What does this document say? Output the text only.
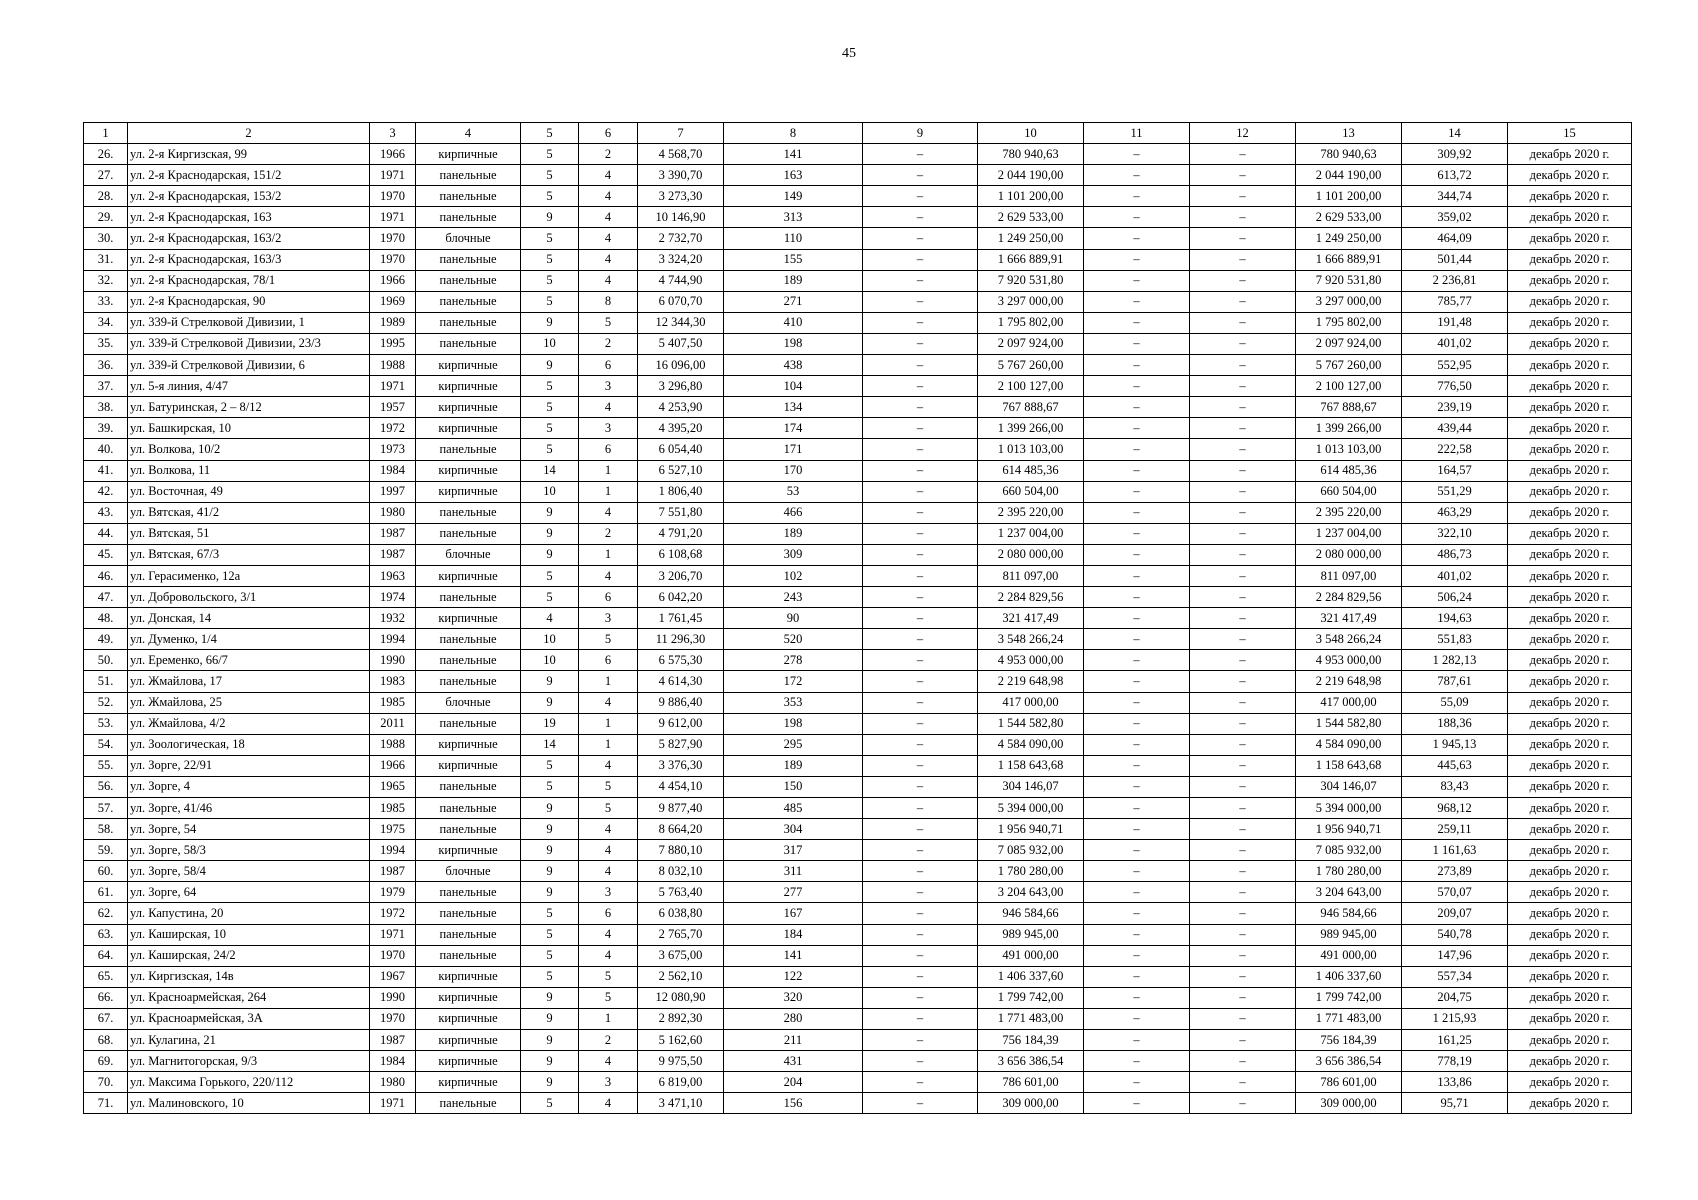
45
1	2	3	4	5	6	7	8	9	10	11	12	13	14	15
26.	ул. 2-я Киргизская, 99	1966	кирпичные	5	2	4 568,70	141	–	780 940,63	–	–	780 940,63	309,92	декабрь 2020 г.
27.	ул. 2-я Краснодарская, 151/2	1971	панельные	5	4	3 390,70	163	–	2 044 190,00	–	–	2 044 190,00	613,72	декабрь 2020 г.
28.	ул. 2-я Краснодарская, 153/2	1970	панельные	5	4	3 273,30	149	–	1 101 200,00	–	–	1 101 200,00	344,74	декабрь 2020 г.
29.	ул. 2-я Краснодарская, 163	1971	панельные	9	4	10 146,90	313	–	2 629 533,00	–	–	2 629 533,00	359,02	декабрь 2020 г.
30.	ул. 2-я Краснодарская, 163/2	1970	блочные	5	4	2 732,70	110	–	1 249 250,00	–	–	1 249 250,00	464,09	декабрь 2020 г.
31.	ул. 2-я Краснодарская, 163/3	1970	панельные	5	4	3 324,20	155	–	1 666 889,91	–	–	1 666 889,91	501,44	декабрь 2020 г.
32.	ул. 2-я Краснодарская, 78/1	1966	панельные	5	4	4 744,90	189	–	7 920 531,80	–	–	7 920 531,80	2 236,81	декабрь 2020 г.
33.	ул. 2-я Краснодарская, 90	1969	панельные	5	8	6 070,70	271	–	3 297 000,00	–	–	3 297 000,00	785,77	декабрь 2020 г.
34.	ул. 339-й Стрелковой Дивизии, 1	1989	панельные	9	5	12 344,30	410	–	1 795 802,00	–	–	1 795 802,00	191,48	декабрь 2020 г.
35.	ул. 339-й Стрелковой Дивизии, 23/3	1995	панельные	10	2	5 407,50	198	–	2 097 924,00	–	–	2 097 924,00	401,02	декабрь 2020 г.
36.	ул. 339-й Стрелковой Дивизии, 6	1988	кирпичные	9	6	16 096,00	438	–	5 767 260,00	–	–	5 767 260,00	552,95	декабрь 2020 г.
37.	ул. 5-я линия, 4/47	1971	кирпичные	5	3	3 296,80	104	–	2 100 127,00	–	–	2 100 127,00	776,50	декабрь 2020 г.
38.	ул. Батуринская, 2 – 8/12	1957	кирпичные	5	4	4 253,90	134	–	767 888,67	–	–	767 888,67	239,19	декабрь 2020 г.
39.	ул. Башкирская, 10	1972	кирпичные	5	3	4 395,20	174	–	1 399 266,00	–	–	1 399 266,00	439,44	декабрь 2020 г.
40.	ул. Волкова, 10/2	1973	панельные	5	6	6 054,40	171	–	1 013 103,00	–	–	1 013 103,00	222,58	декабрь 2020 г.
41.	ул. Волкова, 11	1984	кирпичные	14	1	6 527,10	170	–	614 485,36	–	–	614 485,36	164,57	декабрь 2020 г.
42.	ул. Восточная, 49	1997	кирпичные	10	1	1 806,40	53	–	660 504,00	–	–	660 504,00	551,29	декабрь 2020 г.
43.	ул. Вятская, 41/2	1980	панельные	9	4	7 551,80	466	–	2 395 220,00	–	–	2 395 220,00	463,29	декабрь 2020 г.
44.	ул. Вятская, 51	1987	панельные	9	2	4 791,20	189	–	1 237 004,00	–	–	1 237 004,00	322,10	декабрь 2020 г.
45.	ул. Вятская, 67/3	1987	блочные	9	1	6 108,68	309	–	2 080 000,00	–	–	2 080 000,00	486,73	декабрь 2020 г.
46.	ул. Герасименко, 12а	1963	кирпичные	5	4	3 206,70	102	–	811 097,00	–	–	811 097,00	401,02	декабрь 2020 г.
47.	ул. Добровольского, 3/1	1974	панельные	5	6	6 042,20	243	–	2 284 829,56	–	–	2 284 829,56	506,24	декабрь 2020 г.
48.	ул. Донская, 14	1932	кирпичные	4	3	1 761,45	90	–	321 417,49	–	–	321 417,49	194,63	декабрь 2020 г.
49.	ул. Думенко, 1/4	1994	панельные	10	5	11 296,30	520	–	3 548 266,24	–	–	3 548 266,24	551,83	декабрь 2020 г.
50.	ул. Еременко, 66/7	1990	панельные	10	6	6 575,30	278	–	4 953 000,00	–	–	4 953 000,00	1 282,13	декабрь 2020 г.
51.	ул. Жмайлова, 17	1983	панельные	9	1	4 614,30	172	–	2 219 648,98	–	–	2 219 648,98	787,61	декабрь 2020 г.
52.	ул. Жмайлова, 25	1985	блочные	9	4	9 886,40	353	–	417 000,00	–	–	417 000,00	55,09	декабрь 2020 г.
53.	ул. Жмайлова, 4/2	2011	панельные	19	1	9 612,00	198	–	1 544 582,80	–	–	1 544 582,80	188,36	декабрь 2020 г.
54.	ул. Зоологическая, 18	1988	кирпичные	14	1	5 827,90	295	–	4 584 090,00	–	–	4 584 090,00	1 945,13	декабрь 2020 г.
55.	ул. Зорге, 22/91	1966	кирпичные	5	4	3 376,30	189	–	1 158 643,68	–	–	1 158 643,68	445,63	декабрь 2020 г.
56.	ул. Зорге, 4	1965	панельные	5	5	4 454,10	150	–	304 146,07	–	–	304 146,07	83,43	декабрь 2020 г.
57.	ул. Зорге, 41/46	1985	панельные	9	5	9 877,40	485	–	5 394 000,00	–	–	5 394 000,00	968,12	декабрь 2020 г.
58.	ул. Зорге, 54	1975	панельные	9	4	8 664,20	304	–	1 956 940,71	–	–	1 956 940,71	259,11	декабрь 2020 г.
59.	ул. Зорге, 58/3	1994	кирпичные	9	4	7 880,10	317	–	7 085 932,00	–	–	7 085 932,00	1 161,63	декабрь 2020 г.
60.	ул. Зорге, 58/4	1987	блочные	9	4	8 032,10	311	–	1 780 280,00	–	–	1 780 280,00	273,89	декабрь 2020 г.
61.	ул. Зорге, 64	1979	панельные	9	3	5 763,40	277	–	3 204 643,00	–	–	3 204 643,00	570,07	декабрь 2020 г.
62.	ул. Капустина, 20	1972	панельные	5	6	6 038,80	167	–	946 584,66	–	–	946 584,66	209,07	декабрь 2020 г.
63.	ул. Каширская, 10	1971	панельные	5	4	2 765,70	184	–	989 945,00	–	–	989 945,00	540,78	декабрь 2020 г.
64.	ул. Каширская, 24/2	1970	панельные	5	4	3 675,00	141	–	491 000,00	–	–	491 000,00	147,96	декабрь 2020 г.
65.	ул. Киргизская, 14в	1967	кирпичные	5	5	2 562,10	122	–	1 406 337,60	–	–	1 406 337,60	557,34	декабрь 2020 г.
66.	ул. Красноармейская, 264	1990	кирпичные	9	5	12 080,90	320	–	1 799 742,00	–	–	1 799 742,00	204,75	декабрь 2020 г.
67.	ул. Красноармейская, 3А	1970	кирпичные	9	1	2 892,30	280	–	1 771 483,00	–	–	1 771 483,00	1 215,93	декабрь 2020 г.
68.	ул. Кулагина, 21	1987	кирпичные	9	2	5 162,60	211	–	756 184,39	–	–	756 184,39	161,25	декабрь 2020 г.
69.	ул. Магнитогорская, 9/3	1984	кирпичные	9	4	9 975,50	431	–	3 656 386,54	–	–	3 656 386,54	778,19	декабрь 2020 г.
70.	ул. Максима Горького, 220/112	1980	кирпичные	9	3	6 819,00	204	–	786 601,00	–	–	786 601,00	133,86	декабрь 2020 г.
71.	ул. Малиновского, 10	1971	панельные	5	4	3 471,10	156	–	309 000,00	–	–	309 000,00	95,71	декабрь 2020 г.
